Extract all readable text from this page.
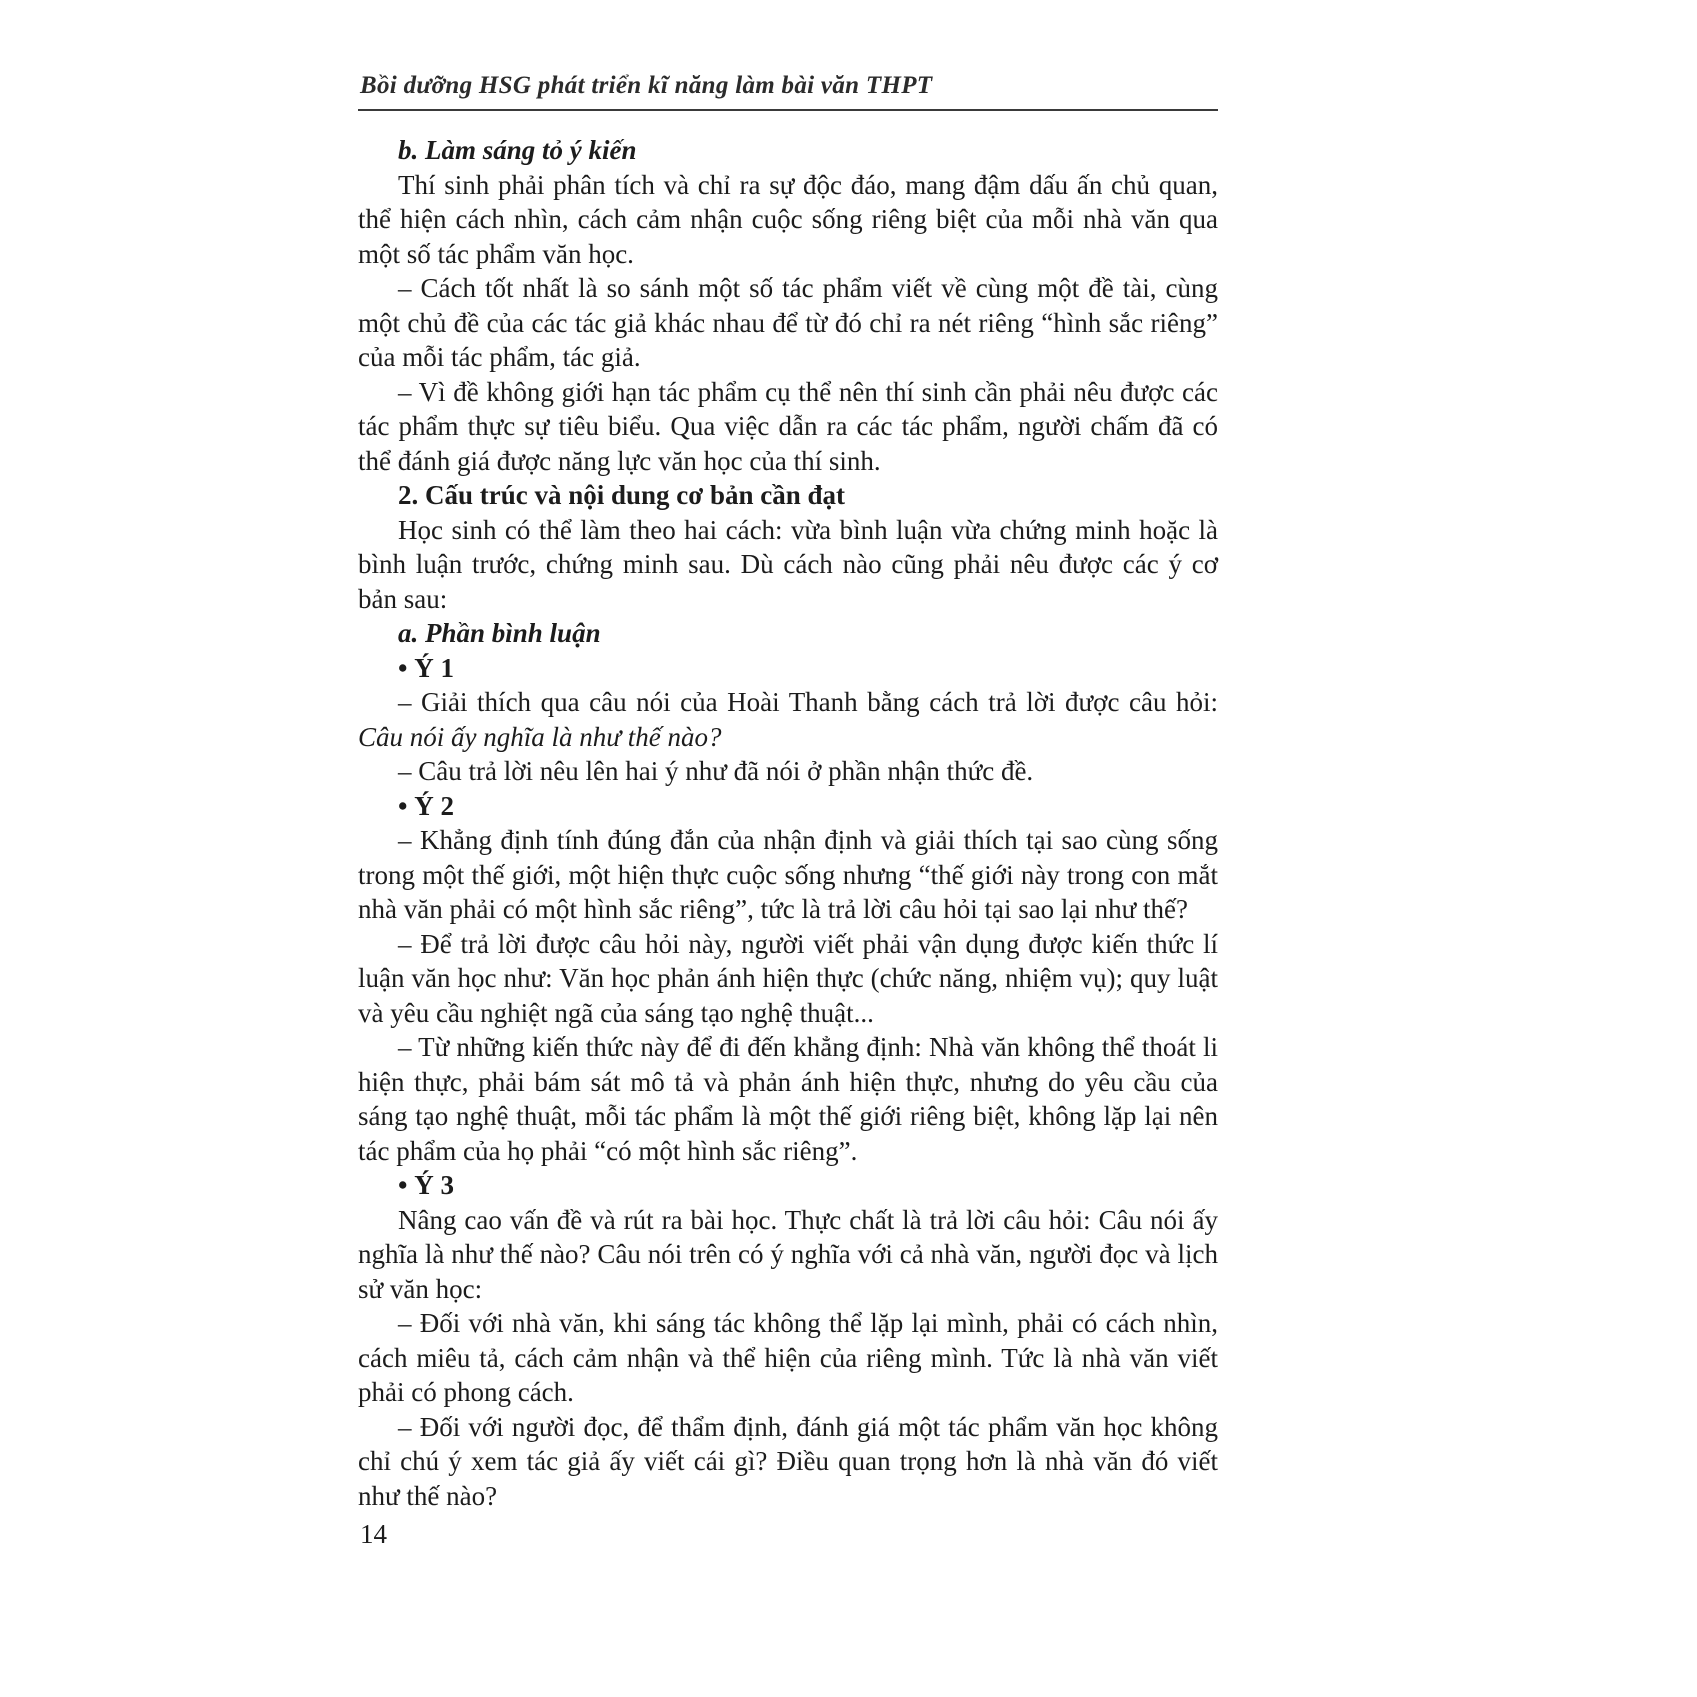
Bồi dưỡng HSG phát triển kĩ năng làm bài văn THPT

b. Làm sáng tỏ ý kiến

Thí sinh phải phân tích và chỉ ra sự độc đáo, mang đậm dấu ấn chủ quan, thể hiện cách nhìn, cách cảm nhận cuộc sống riêng biệt của mỗi nhà văn qua một số tác phẩm văn học.

– Cách tốt nhất là so sánh một số tác phẩm viết về cùng một đề tài, cùng một chủ đề của các tác giả khác nhau để từ đó chỉ ra nét riêng “hình sắc riêng” của mỗi tác phẩm, tác giả.

– Vì đề không giới hạn tác phẩm cụ thể nên thí sinh cần phải nêu được các tác phẩm thực sự tiêu biểu. Qua việc dẫn ra các tác phẩm, người chấm đã có thể đánh giá được năng lực văn học của thí sinh.

2. Cấu trúc và nội dung cơ bản cần đạt

Học sinh có thể làm theo hai cách: vừa bình luận vừa chứng minh hoặc là bình luận trước, chứng minh sau. Dù cách nào cũng phải nêu được các ý cơ bản sau:

a. Phần bình luận

• Ý 1

– Giải thích qua câu nói của Hoài Thanh bằng cách trả lời được câu hỏi: Câu nói ấy nghĩa là như thế nào?

– Câu trả lời nêu lên hai ý như đã nói ở phần nhận thức đề.

• Ý 2

– Khẳng định tính đúng đắn của nhận định và giải thích tại sao cùng sống trong một thế giới, một hiện thực cuộc sống nhưng “thế giới này trong con mắt nhà văn phải có một hình sắc riêng”, tức là trả lời câu hỏi tại sao lại như thế?

– Để trả lời được câu hỏi này, người viết phải vận dụng được kiến thức lí luận văn học như: Văn học phản ánh hiện thực (chức năng, nhiệm vụ); quy luật và yêu cầu nghiệt ngã của sáng tạo nghệ thuật...

– Từ những kiến thức này để đi đến khẳng định: Nhà văn không thể thoát li hiện thực, phải bám sát mô tả và phản ánh hiện thực, nhưng do yêu cầu của sáng tạo nghệ thuật, mỗi tác phẩm là một thế giới riêng biệt, không lặp lại nên tác phẩm của họ phải “có một hình sắc riêng”.

• Ý 3

Nâng cao vấn đề và rút ra bài học. Thực chất là trả lời câu hỏi: Câu nói ấy nghĩa là như thế nào? Câu nói trên có ý nghĩa với cả nhà văn, người đọc và lịch sử văn học:

– Đối với nhà văn, khi sáng tác không thể lặp lại mình, phải có cách nhìn, cách miêu tả, cách cảm nhận và thể hiện của riêng mình. Tức là nhà văn viết phải có phong cách.

– Đối với người đọc, để thẩm định, đánh giá một tác phẩm văn học không chỉ chú ý xem tác giả ấy viết cái gì? Điều quan trọng hơn là nhà văn đó viết như thế nào?

14
